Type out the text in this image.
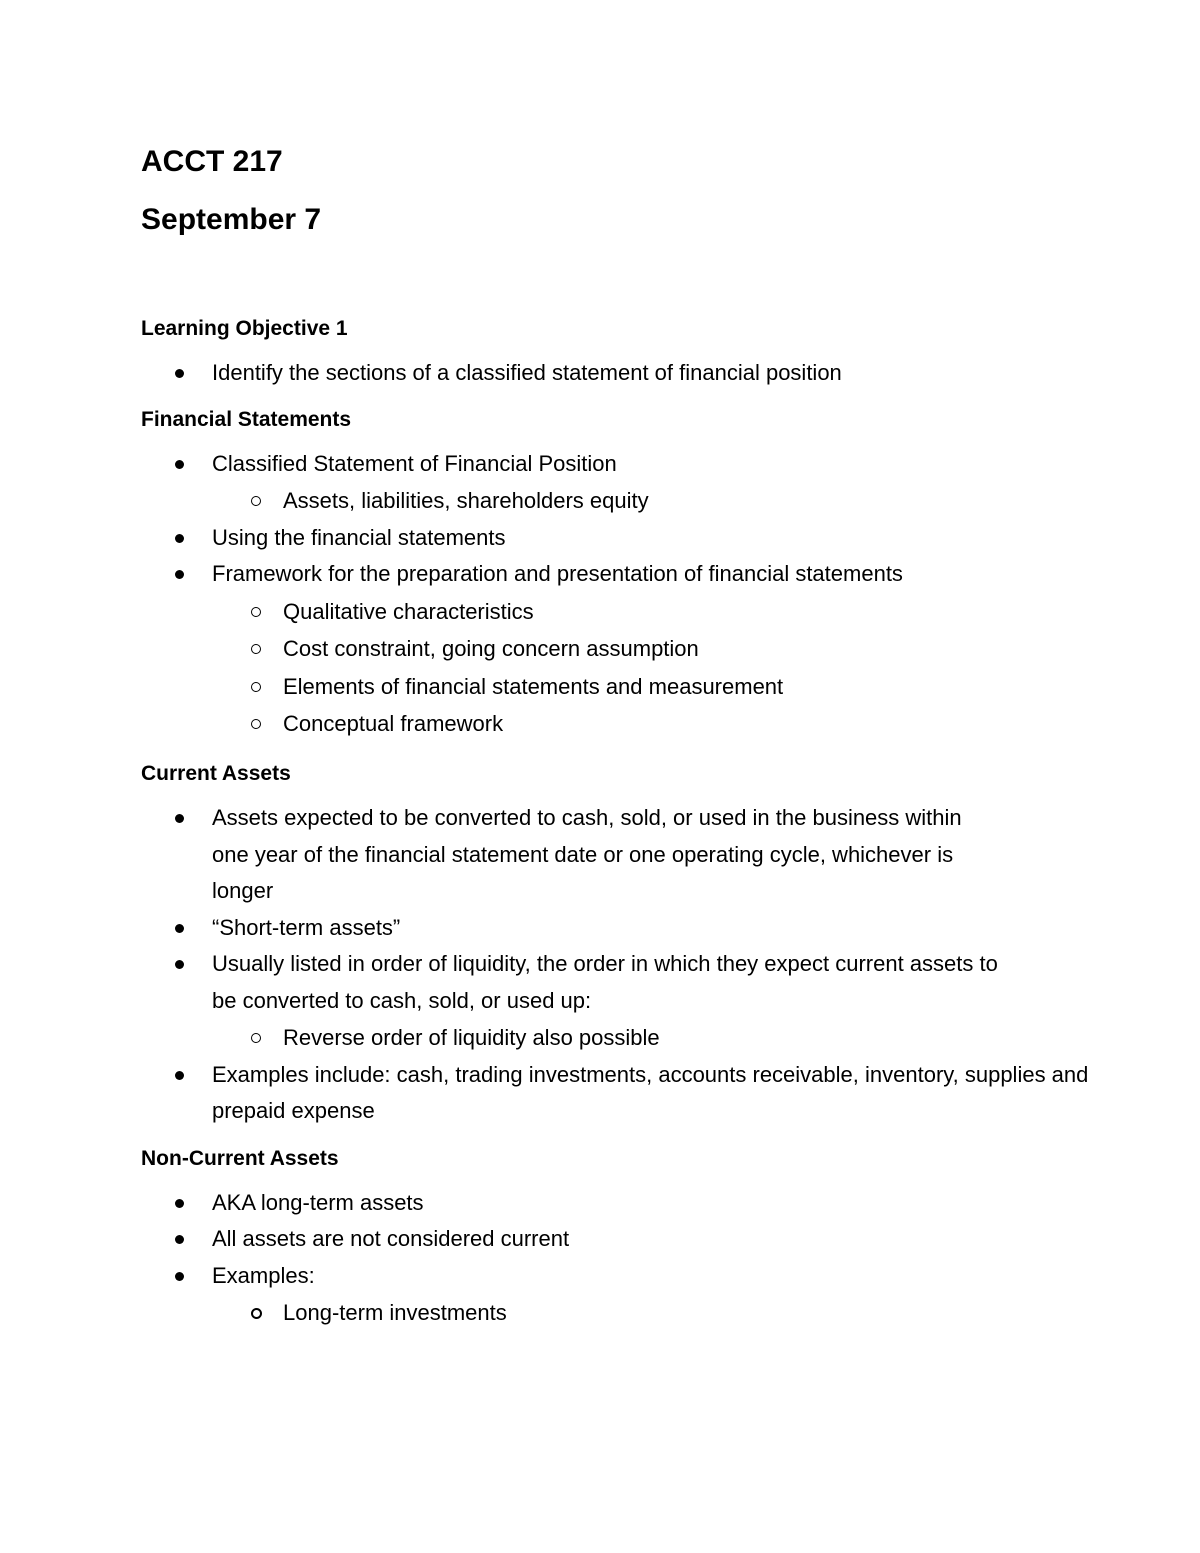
ACCT 217
September 7
Learning Objective 1
Identify the sections of a classified statement of financial position
Financial Statements
Classified Statement of Financial Position
Assets, liabilities, shareholders equity
Using the financial statements
Framework for the preparation and presentation of financial statements
Qualitative characteristics
Cost constraint, going concern assumption
Elements of financial statements and measurement
Conceptual framework
Current Assets
Assets expected to be converted to cash, sold, or used in the business within one year of the financial statement date or one operating cycle, whichever is longer
“Short-term assets”
Usually listed in order of liquidity, the order in which they expect current assets to be converted to cash, sold, or used up:
Reverse order of liquidity also possible
Examples include: cash, trading investments, accounts receivable, inventory, supplies and prepaid expense
Non-Current Assets
AKA long-term assets
All assets are not considered current
Examples:
Long-term investments
